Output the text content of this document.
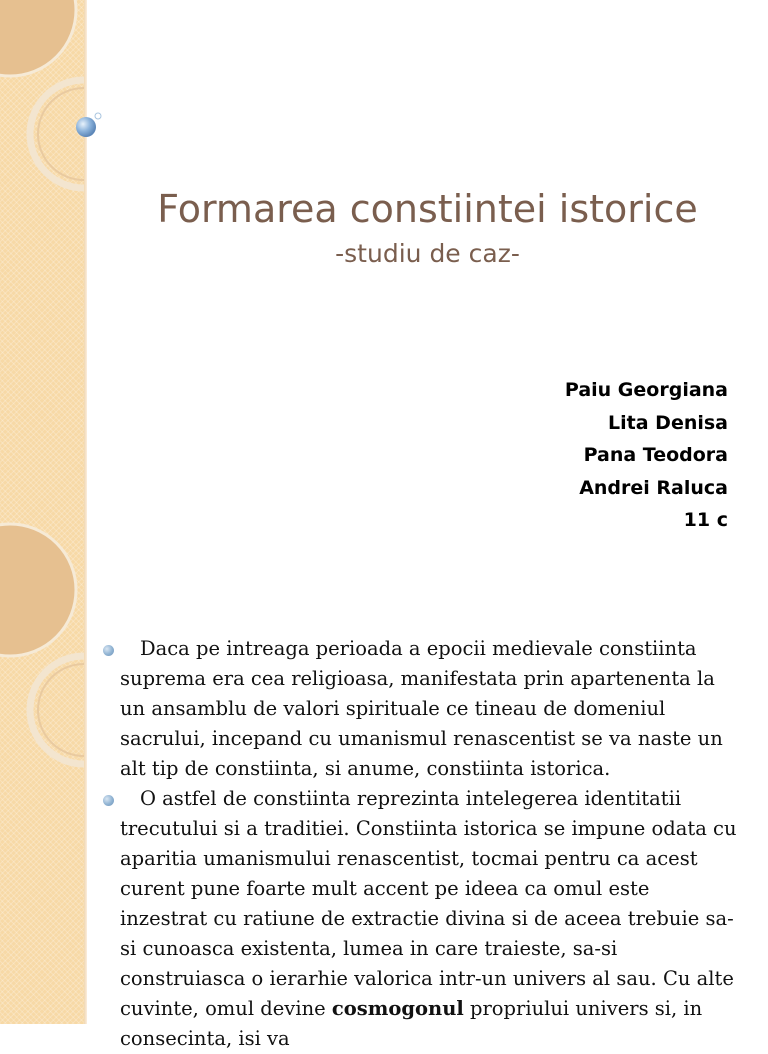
Formarea constiintei istorice
-studiu de caz-
Paiu Georgiana
Lita Denisa
Pana Teodora
Andrei Raluca
11 c
Daca pe intreaga perioada a epocii medievale constiinta suprema era cea religioasa, manifestata prin apartenenta la un ansamblu de valori spirituale ce tineau de domeniul sacrului, incepand cu umanismul renascentist se va naste un alt tip de constiinta, si anume, constiinta istorica.
O astfel de constiinta reprezinta intelegerea identitatii trecutului si a traditiei. Constiinta istorica se impune odata cu aparitia umanismului renascentist, tocmai pentru ca acest curent pune foarte mult accent pe ideea ca omul este inzestrat cu ratiune de extractie divina si de aceea trebuie sa-si cunoasca existenta, lumea in care traieste, sa-si construiasca o ierarhie valorica intr-un univers al sau. Cu alte cuvinte, omul devine cosmogonul propriului univers si, in consecinta, isi va
